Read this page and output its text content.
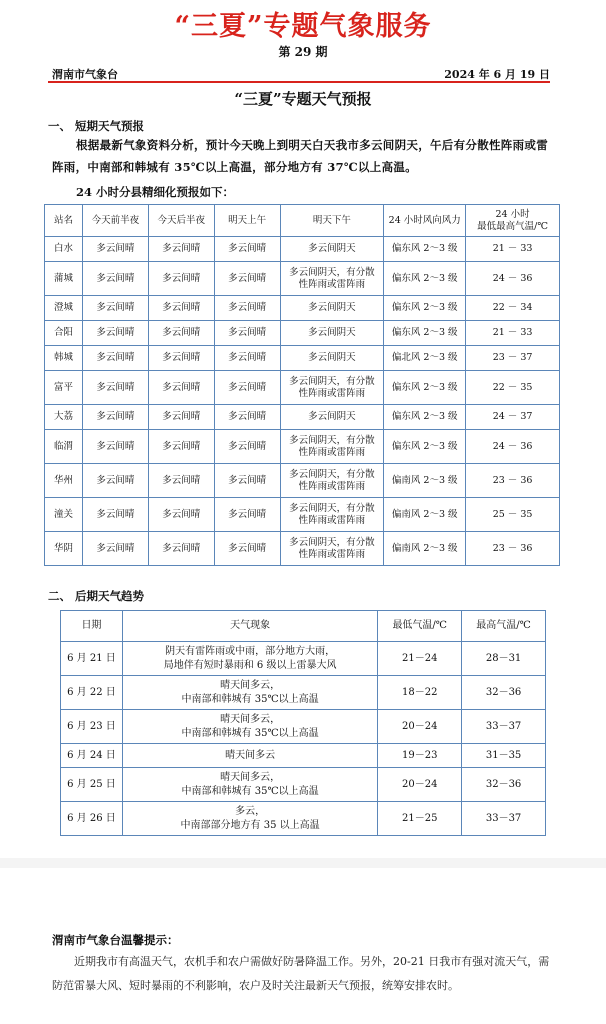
“三夏”专题气象服务
第 29 期
渭南市气象台	2024 年 6 月 19 日
“三夏”专题天气预报
一、 短期天气预报
根据最新气象资料分析，预计今天晚上到明天白天我市多云间阴天，午后有分散性阵雨或雷阵雨，中南部和韩城有 35℃以上高温，部分地方有 37℃以上高温。
24 小时分县精细化预报如下：
站名	今天前半夜	今天后半夜	明天上午	明天下午	24 小时风向风力	24 小时
最低最高气温/℃
白水	多云间晴	多云间晴	多云间晴	多云间阴天	偏东风 2～3 级	21 － 33
蒲城	多云间晴	多云间晴	多云间晴	多云间阴天，有分散
性阵雨或雷阵雨	偏东风 2～3 级	24 － 36
澄城	多云间晴	多云间晴	多云间晴	多云间阴天	偏东风 2～3 级	22 － 34
合阳	多云间晴	多云间晴	多云间晴	多云间阴天	偏东风 2～3 级	21 － 33
韩城	多云间晴	多云间晴	多云间晴	多云间阴天	偏北风 2～3 级	23 － 37
富平	多云间晴	多云间晴	多云间晴	多云间阴天，有分散
性阵雨或雷阵雨	偏东风 2～3 级	22 － 35
大荔	多云间晴	多云间晴	多云间晴	多云间阴天	偏东风 2～3 级	24 － 37
临渭	多云间晴	多云间晴	多云间晴	多云间阴天，有分散
性阵雨或雷阵雨	偏东风 2～3 级	24 － 36
华州	多云间晴	多云间晴	多云间晴	多云间阴天，有分散
性阵雨或雷阵雨	偏南风 2～3 级	23 － 36
潼关	多云间晴	多云间晴	多云间晴	多云间阴天，有分散
性阵雨或雷阵雨	偏南风 2～3 级	25 － 35
华阴	多云间晴	多云间晴	多云间晴	多云间阴天，有分散
性阵雨或雷阵雨	偏南风 2～3 级	23 － 36
二、 后期天气趋势
日期	天气现象	最低气温/℃	最高气温/℃
6 月 21 日	阴天有雷阵雨或中雨，部分地方大雨，
局地伴有短时暴雨和 6 级以上雷暴大风	21－24	28－31
6 月 22 日	晴天间多云，
中南部和韩城有 35℃以上高温	18－22	32－36
6 月 23 日	晴天间多云，
中南部和韩城有 35℃以上高温	20－24	33－37
6 月 24 日	晴天间多云	19－23	31－35
6 月 25 日	晴天间多云，
中南部和韩城有 35℃以上高温	20－24	32－36
6 月 26 日	多云，
中南部部分地方有 35 以上高温	21－25	33－37
渭南市气象台温馨提示：
近期我市有高温天气，农机手和农户需做好防暑降温工作。另外，20-21 日我市有强对流天气，需防范雷暴大风、短时暴雨的不利影响，农户及时关注最新天气预报，统筹安排农时。
